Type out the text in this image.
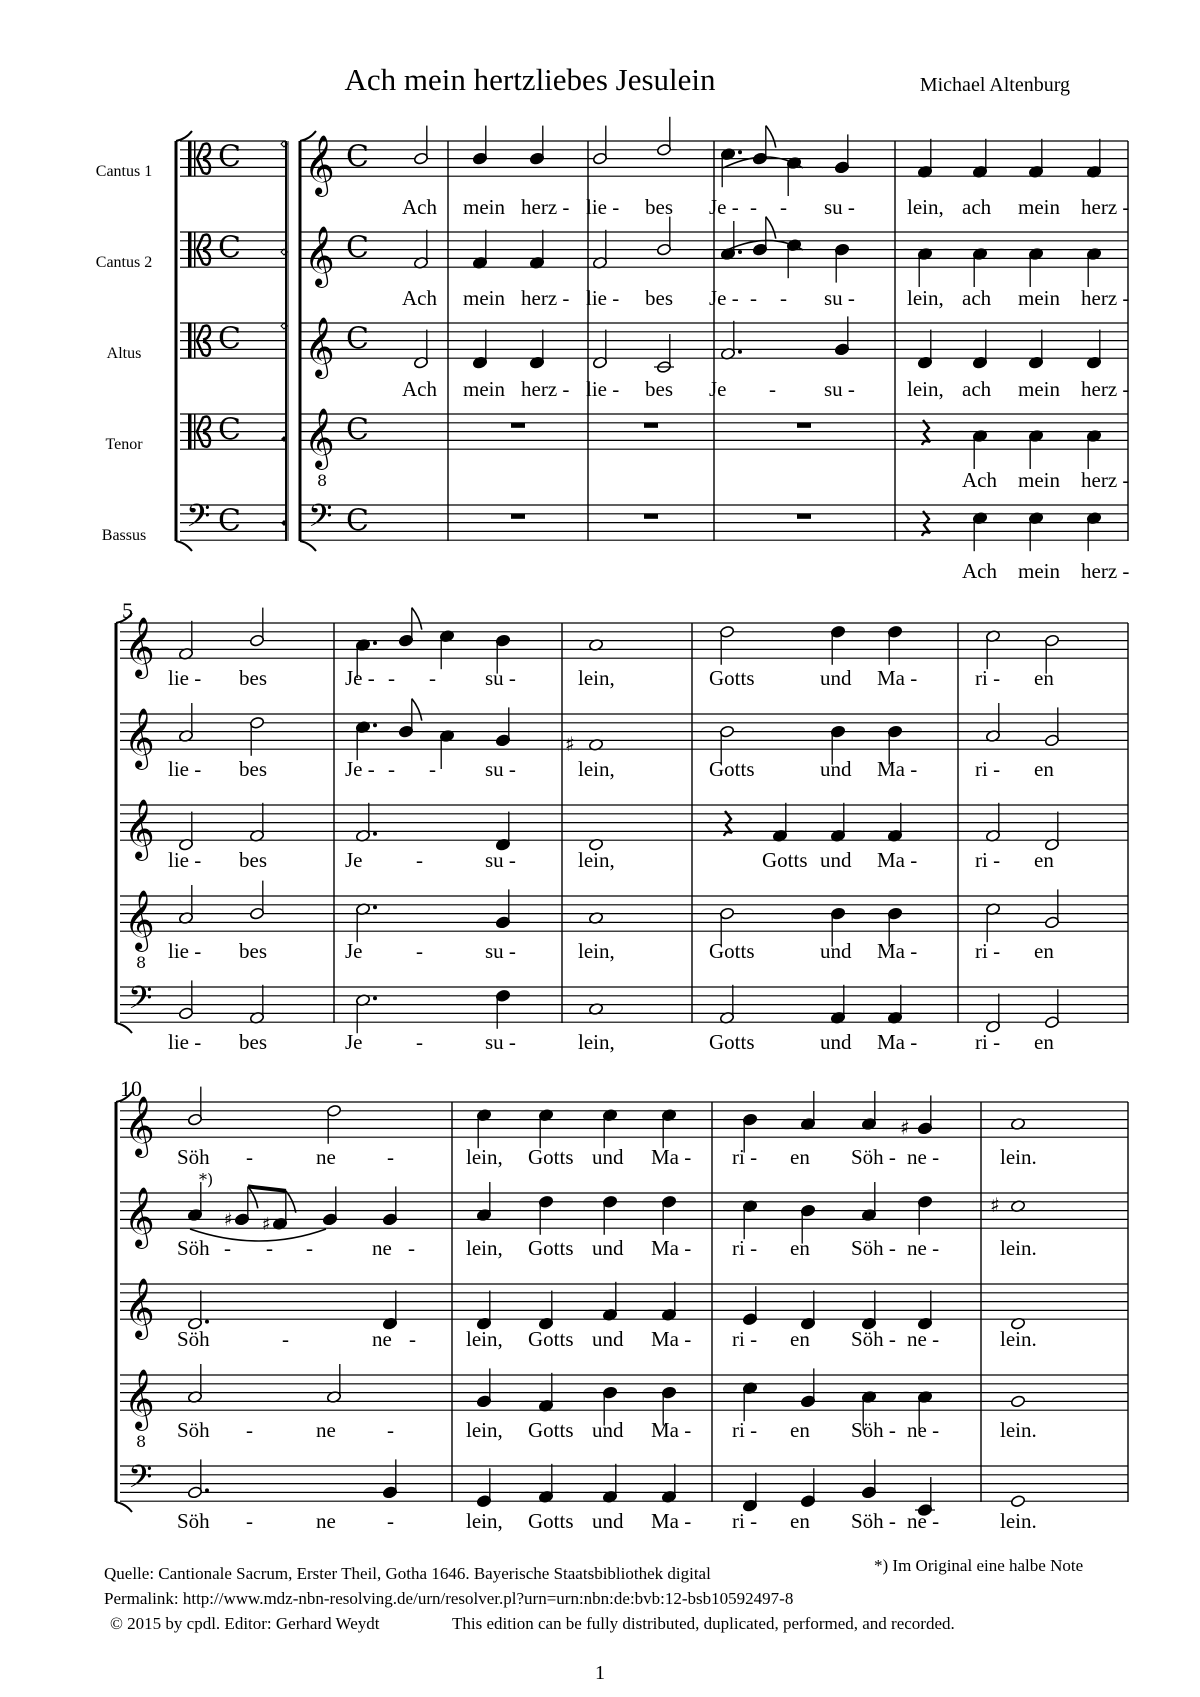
Ach mein hertzliebes Jesulein	Michael Altenburg
Cantus 1
Cantus 2
Altus
Tenor
Bassus
5
10
𝄢
C
C
C
C
C
𝄞
𝄞
𝄞
𝄞
8
𝄢
C
C
C
C
C
𝄞
𝄞
𝄞
𝄞
8
𝄢
♯
𝄞
𝄞
𝄞
𝄞
8
𝄢
♯
*)
♯ ♯
♯
Ach mein herz - lie - bes Je - - - su - lein, ach mein herz -
Ach mein herz - lie - bes Je - - - su - lein, ach mein herz -
Ach mein herz - lie - bes Je - su - lein, ach mein herz -
Ach mein herz -
Ach mein herz -
lie - bes	Je - - - su -	lein,	Gotts	und Ma -	ri - en
lie - bes	Je - - - su -	lein,	Gotts	und Ma -	ri - en
lie - bes	Je	-	su -	lein,	Gotts und Ma -	ri - en
lie - bes	Je	-	su -	lein,	Gotts	und Ma -	ri - en
lie - bes	Je	-	su -	lein,	Gotts	und Ma -	ri - en
Söh -	ne -	lein, Gotts und Ma - ri - en Söh - ne -	lein.
Söh - - -	ne - lein, Gotts und Ma - ri - en Söh - ne -	lein.
Söh	-	ne - lein, Gotts und Ma - ri - en Söh - ne -	lein.
Söh -	ne -	lein, Gotts und Ma - ri - en Söh - ne -	lein.
Söh -	ne -	lein, Gotts und Ma - ri - en Söh - ne -	lein.
*) Im Original eine halbe Note
Quelle: Cantionale Sacrum, Erster Theil, Gotha 1646. Bayerische Staatsbibliothek digital
Permalink: http://www.mdz-nbn-resolving.de/urn/resolver.pl?urn=urn:nbn:de:bvb:12-bsb10592497-8
© 2015 by cpdl. Editor: Gerhard Weydt	This edition can be fully distributed, duplicated, performed, and recorded.
1
